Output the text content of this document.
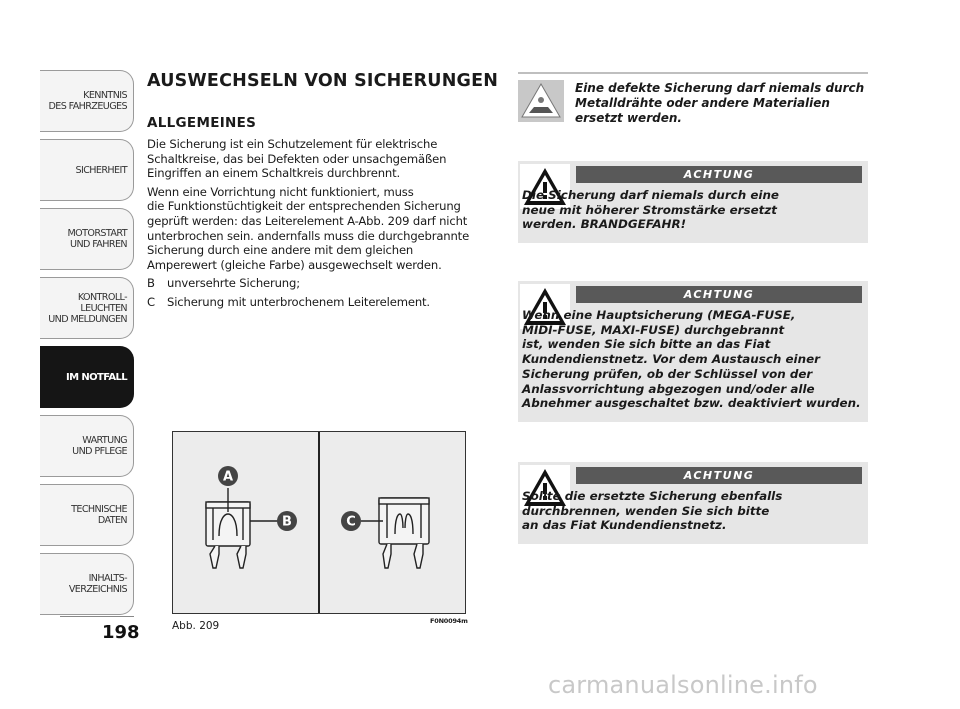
KENNTNIS
DES FAHRZEUGES
SICHERHEIT
MOTORSTART
UND FAHREN
KONTROLL-
LEUCHTEN
UND MELDUNGEN
IM NOTFALL
WARTUNG
UND PFLEGE
TECHNISCHE
DATEN
INHALTS-
VERZEICHNIS
198
AUSWECHSELN VON SICHERUNGEN
ALLGEMEINES

Die Sicherung ist ein Schutzelement für elektrische
Schaltkreise, das bei Defekten oder unsachgemäßen
Eingriffen an einem Schaltkreis durchbrennt.

Wenn eine Vorrichtung nicht funktioniert, muss
die Funktionstüchtigkeit der entsprechenden Sicherung
geprüft werden: das Leiterelement A-Abb. 209 darf nicht
unterbrochen sein. andernfalls muss die durchgebrannte
Sicherung durch eine andere mit dem gleichen
Amperewert (gleiche Farbe) ausgewechselt werden.

B	unversehrte Sicherung;
C	Sicherung mit unterbrochenem Leiterelement.
A
B	C
Abb. 209	F0N0094m
Eine defekte Sicherung darf niemals durch
Metalldrähte oder andere Materialien
ersetzt werden.
Die Sicherung darf niemals durch eine
neue mit höherer Stromstärke ersetzt
werden. BRANDGEFAHR!
ACHTUNG
Wenn eine Hauptsicherung (MEGA-FUSE,
MIDI-FUSE, MAXI-FUSE) durchgebrannt
ist, wenden Sie sich bitte an das Fiat
Kundendienstnetz. Vor dem Austausch einer
Sicherung prüfen, ob der Schlüssel von der
Anlassvorrichtung abgezogen und/oder alle
Abnehmer ausgeschaltet bzw. deaktiviert wurden.
ACHTUNG
Sollte die ersetzte Sicherung ebenfalls
durchbrennen, wenden Sie sich bitte
an das Fiat Kundendienstnetz.
ACHTUNG
carmanualsonline.info
